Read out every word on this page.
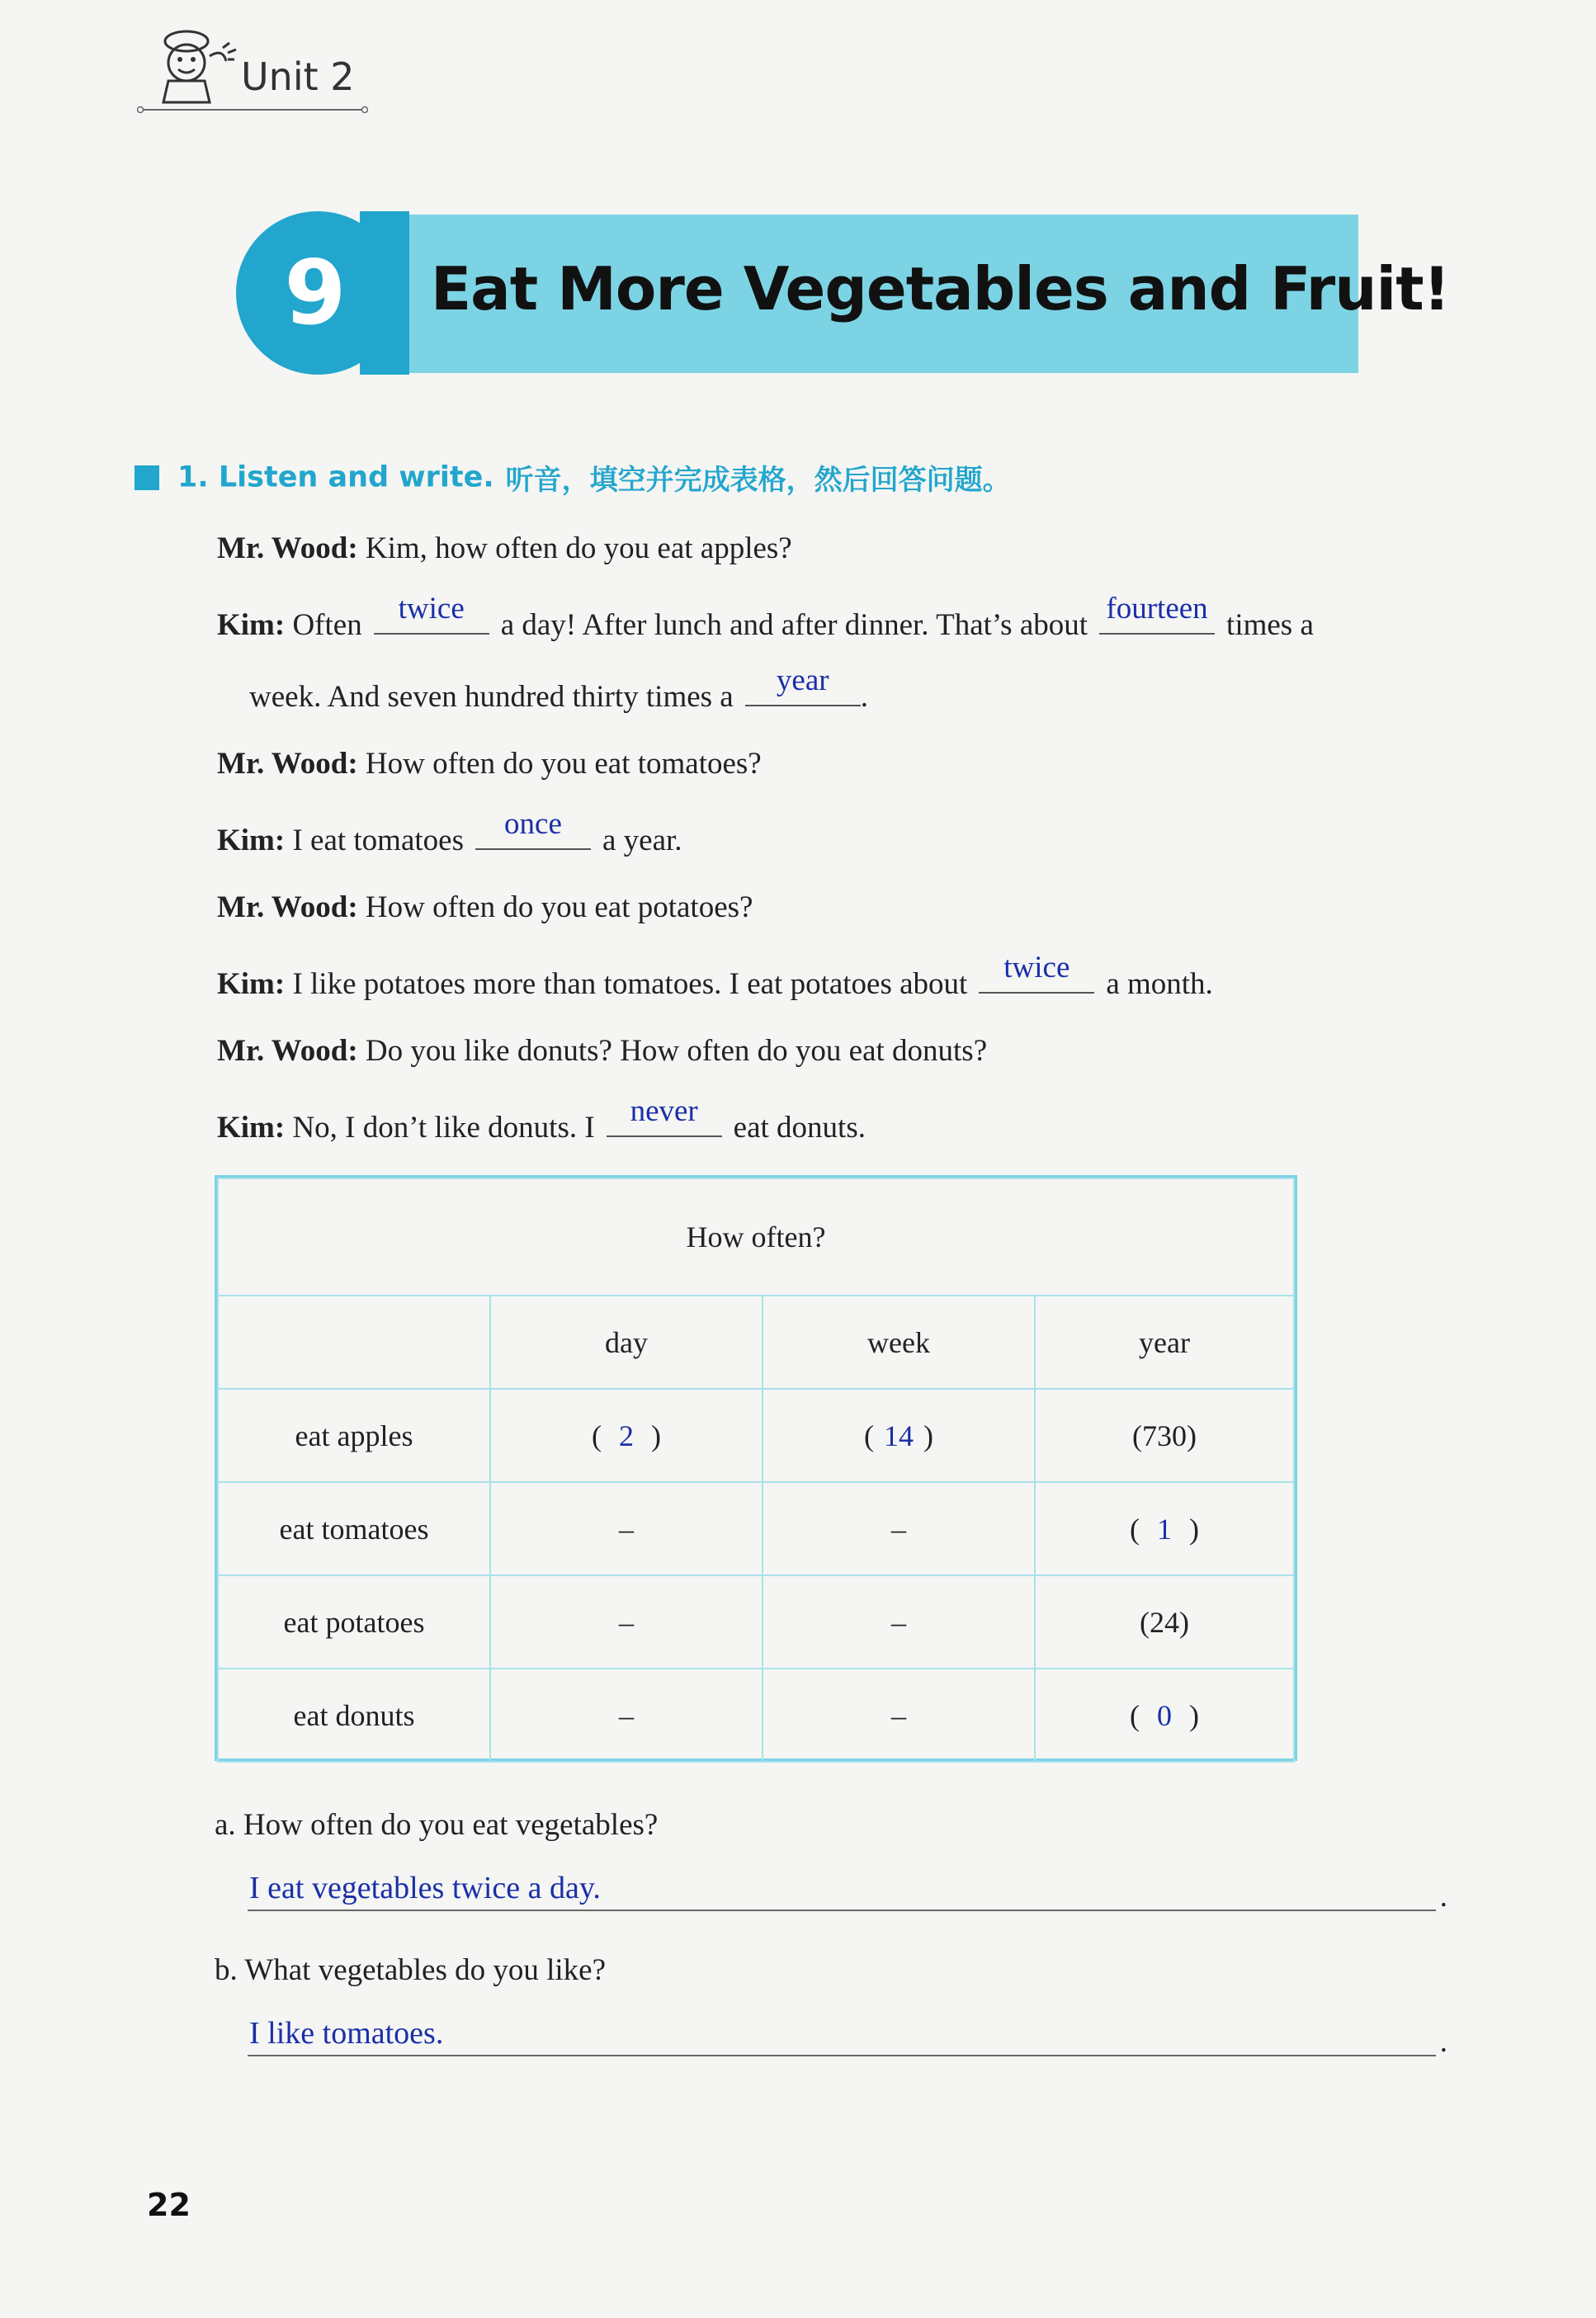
Unit 2
9	Eat More Vegetables and Fruit!
1. Listen and write. 听音，填空并完成表格，然后回答问题。
Mr. Wood: Kim, how often do you eat apples?
Kim: Often	twice	a day! After lunch and after dinner. That’s about fourteen times a
week. And seven hundred thirty times a	year	.
Mr. Wood: How often do you eat tomatoes?
Kim: I eat tomatoes	once	a year.
Mr. Wood: How often do you eat potatoes?
Kim: I like potatoes more than tomatoes. I eat potatoes about	twice	a month.
Mr. Wood: Do you like donuts? How often do you eat donuts?
Kim: No, I don’t like donuts. I	never	eat donuts.
How often?			
	day	week	year
eat apples	( 2 )	( 14 )	(730)
eat tomatoes	–	–	( 1 )
eat potatoes	–	–	(24)
eat donuts	–	–	( 0 )
a. How often do you eat vegetables?
I eat vegetables twice a day.	.
b. What vegetables do you like?
I like tomatoes.	.
22
